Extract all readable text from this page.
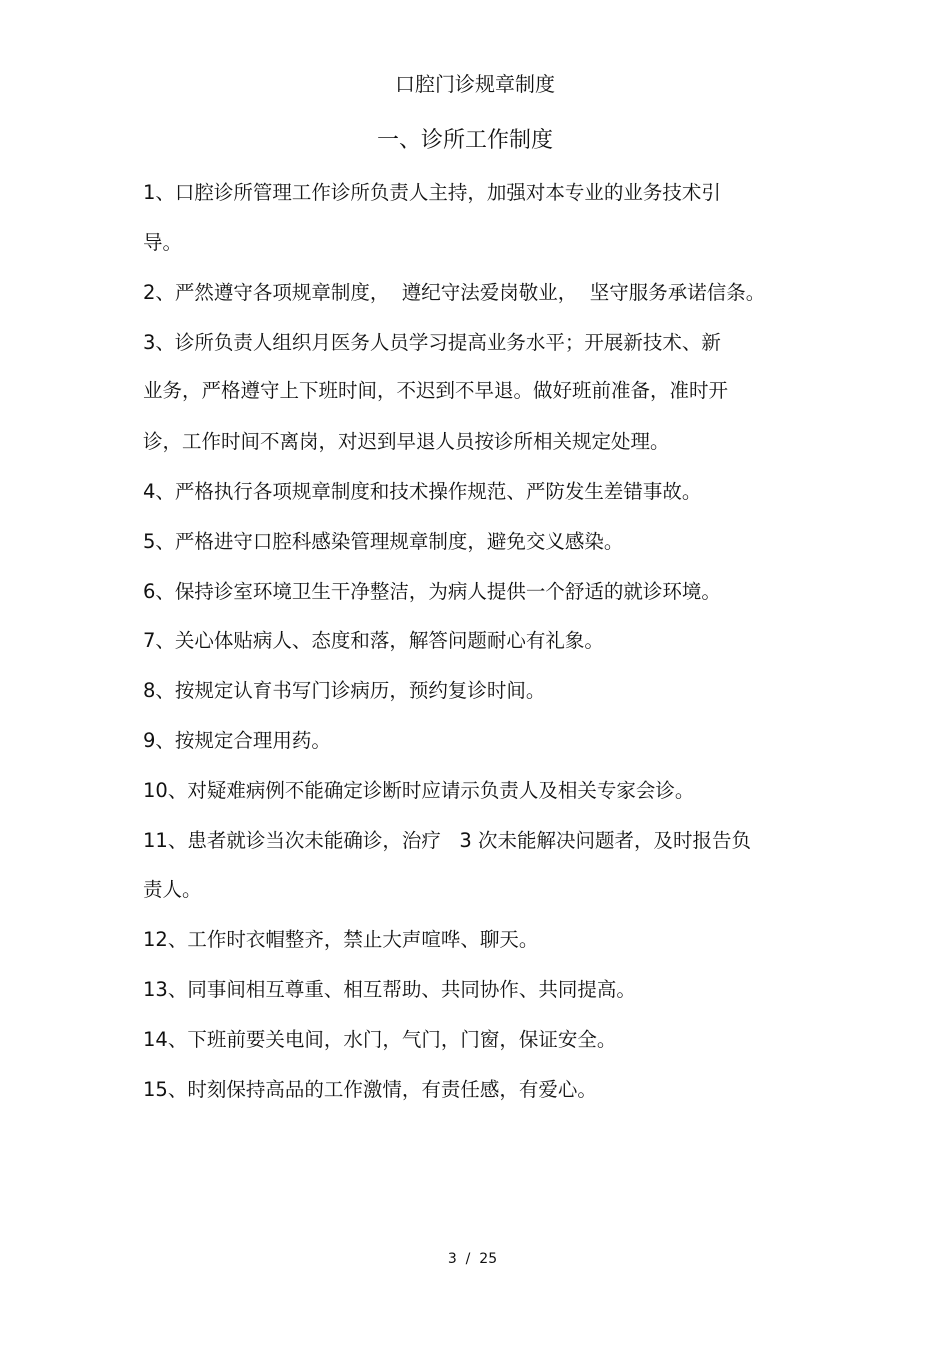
口腔门诊规章制度
一、诊所工作制度
1、口腔诊所管理工作诊所负责人主持，加强对本专业的业务技术引
导。
2、严然遵守各项规章制度，  遵纪守法爱岗敬业，  坚守服务承诺信条。
3、诊所负责人组织月医务人员学习提高业务水平；开展新技术、新
业务，严格遵守上下班时间，不迟到不早退。做好班前准备，准时开
诊，工作时间不离岗，对迟到早退人员按诊所相关规定处理。
4、严格执行各项规章制度和技术操作规范、严防发生差错事故。
5、严格进守口腔科感染管理规章制度，避免交义感染。
6、保持诊室环境卫生干净整洁，为病人提供一个舒适的就诊环境。
7、关心体贴病人、态度和落，解答问题耐心有礼象。
8、按规定认育书写门诊病历，预约复诊时间。
9、按规定合理用药。
10、对疑难病例不能确定诊断时应请示负责人及相关专家会诊。
11、患者就诊当次未能确诊，治疗   3 次未能解决问题者，及时报告负
责人。
12、工作时衣帽整齐，禁止大声喧哗、聊天。
13、同事间相互尊重、相互帮助、共同协作、共同提高。
14、下班前要关电间，水门，气门，门窗，保证安全。
15、时刻保持高品的工作激情，有责任感，有爱心。
3  /  25
